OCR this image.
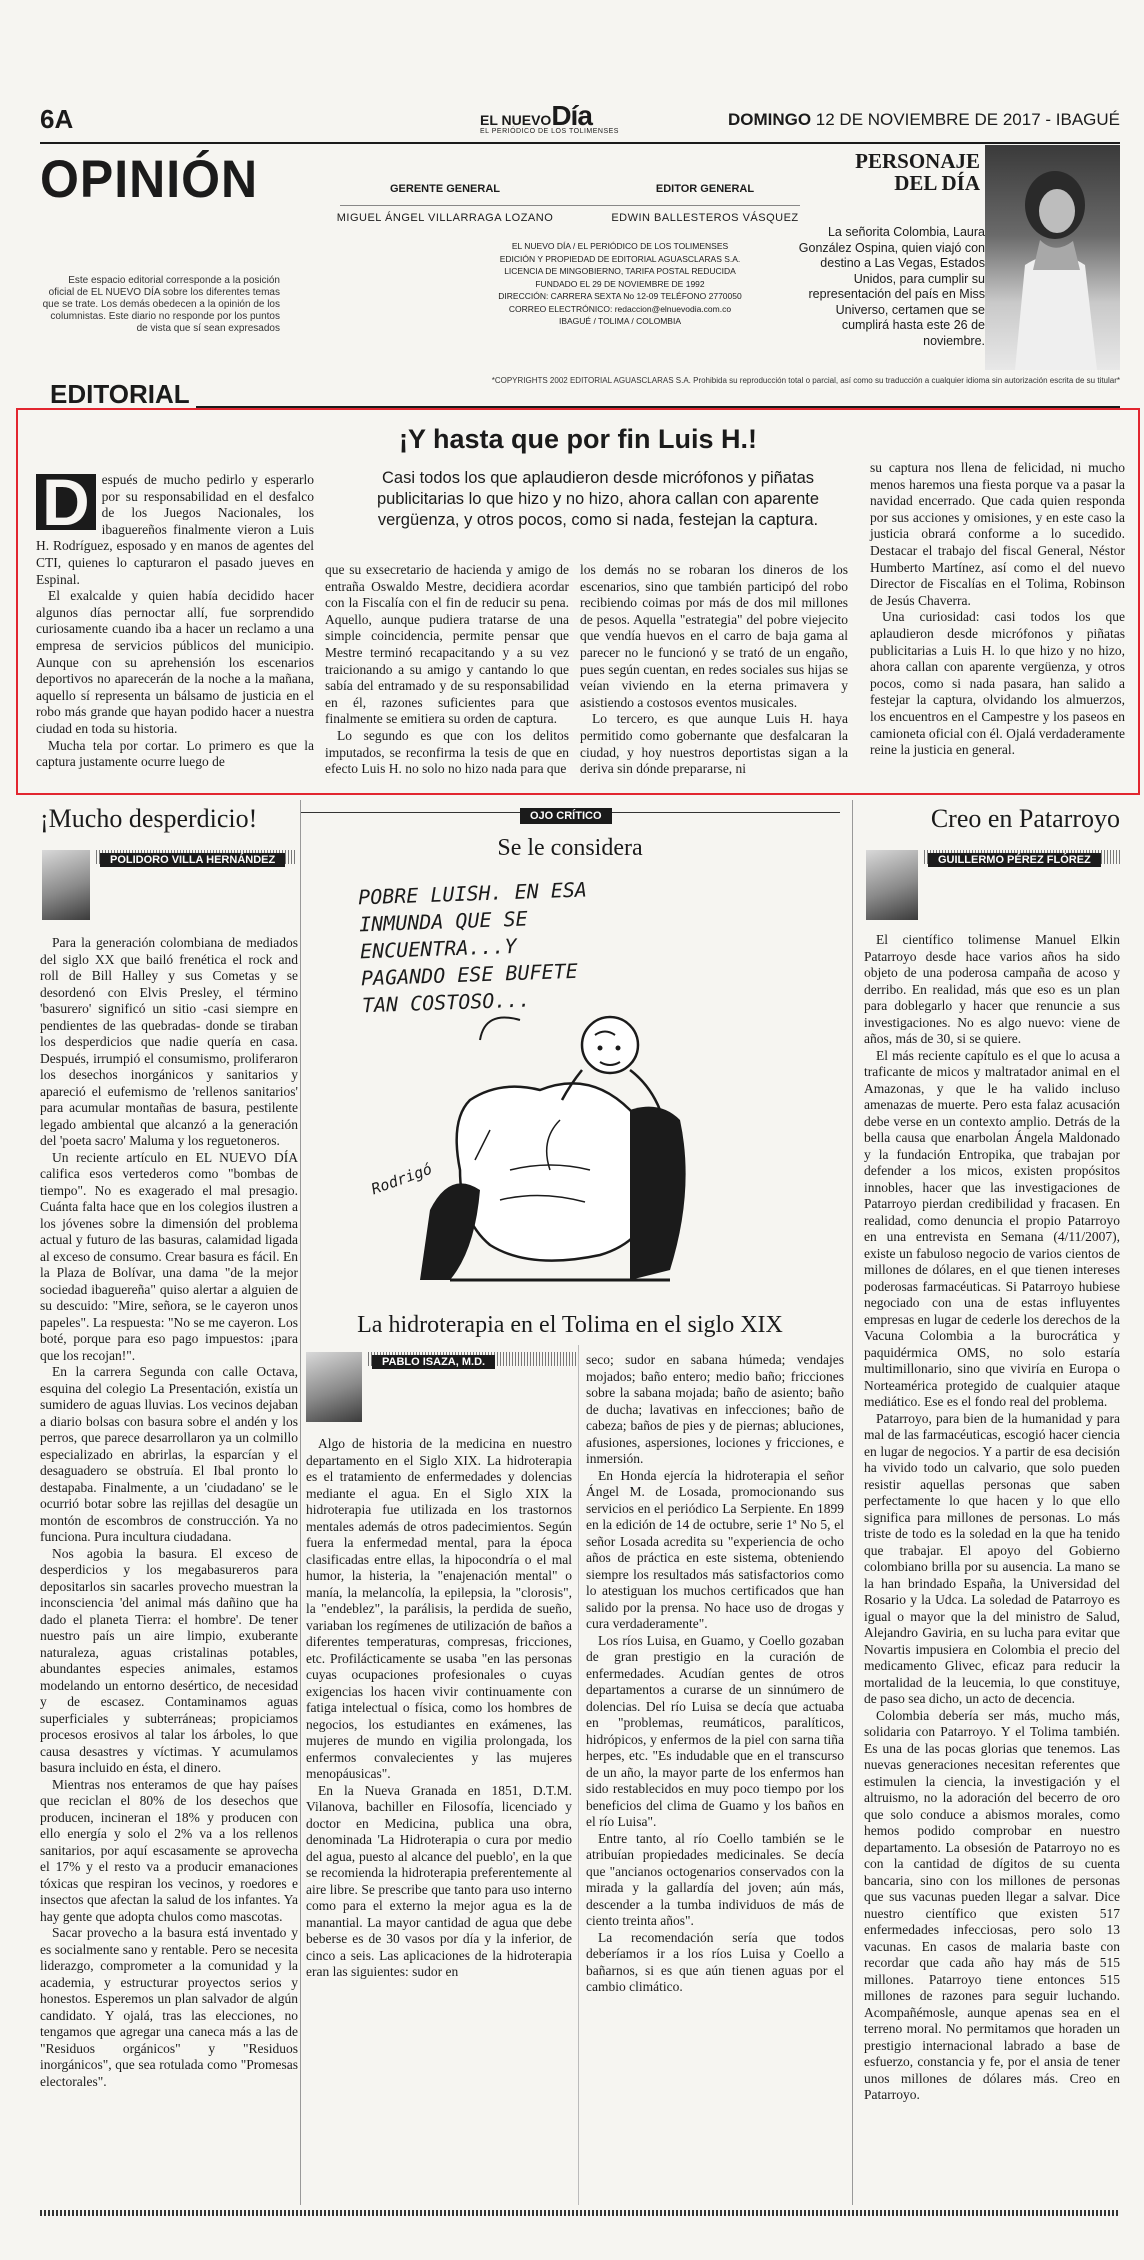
6A	EL NUEVODía
EL PERIÓDICO DE LOS TOLIMENSES
DOMINGO 12 DE NOVIEMBRE DE 2017 - IBAGUÉ
OPINIÓN	GERENTE GENERAL
MIGUEL ÁNGEL VILLARRAGA LOZANO
EDITOR GENERAL
EDWIN BALLESTEROS VÁSQUEZ
EL NUEVO DÍA / EL PERIÓDICO DE LOS TOLIMENSES
EDICIÓN Y PROPIEDAD DE EDITORIAL AGUASCLARAS S.A.
LICENCIA DE MINGOBIERNO, TARIFA POSTAL REDUCIDA
FUNDADO EL 29 DE NOVIEMBRE DE 1992
DIRECCIÓN: CARRERA SEXTA No 12-09 TELÉFONO 2770050
CORREO ELECTRÓNICO: redaccion@elnuevodia.com.co
IBAGUÉ / TOLIMA / COLOMBIA
Este espacio editorial corresponde a la posición oficial de EL NUEVO DÍA sobre los diferentes temas que se trate. Los demás obedecen a la opinión de los columnistas. Este diario no responde por los puntos de vista que sí sean expresados
PERSONAJE
DEL DÍA
La señorita Colombia, Laura González Ospina, quien viajó con destino a Las Vegas, Estados Unidos, para cumplir su representación del país en Miss Universo, certamen que se cumplirá hasta este 26 de noviembre.
*COPYRIGHTS 2002 EDITORIAL AGUASCLARAS S.A. Prohibida su reproducción total o parcial, así como su traducción a cualquier idioma sin autorización escrita de su titular*
EDITORIAL
¡Y hasta que por fin Luis H.!
Casi todos los que aplaudieron desde micrófonos y piñatas publicitarias lo que hizo y no hizo, ahora callan con aparente vergüenza, y otros pocos, como si nada, festejan la captura.
D espués de mucho pedirlo y esperarlo por su responsabilidad en el desfalco de los Juegos Nacionales, los ibaguereños finalmente vieron a Luis H. Rodríguez, esposado y en manos de agentes del CTI, quienes lo capturaron el pasado jueves en Espinal.

El exalcalde y quien había decidido hacer algunos días pernoctar allí, fue sorprendido curiosamente cuando iba a hacer un reclamo a una empresa de servicios públicos del municipio. Aunque con su aprehensión los escenarios deportivos no aparecerán de la noche a la mañana, aquello sí representa un bálsamo de justicia en el robo más grande que hayan podido hacer a nuestra ciudad en toda su historia.

Mucha tela por cortar. Lo primero es que la captura justamente ocurre luego de

que su exsecretario de hacienda y amigo de entraña Oswaldo Mestre, decidiera acordar con la Fiscalía con el fin de reducir su pena. Aquello, aunque pudiera tratarse de una simple coincidencia, permite pensar que Mestre terminó recapacitando y a su vez traicionando a su amigo y cantando lo que sabía del entramado y de su responsabilidad en él, razones suficientes para que finalmente se emitiera su orden de captura.

Lo segundo es que con los delitos imputados, se reconfirma la tesis de que en efecto Luis H. no solo no hizo nada para que

los demás no se robaran los dineros de los escenarios, sino que también participó del robo recibiendo coimas por más de dos mil millones de pesos. Aquella "estrategia" del pobre viejecito que vendía huevos en el carro de baja gama al parecer no le funcionó y se trató de un engaño, pues según cuentan, en redes sociales sus hijas se veían viviendo en la eterna primavera y asistiendo a costosos eventos musicales.

Lo tercero, es que aunque Luis H. haya permitido como gobernante que desfalcaran la ciudad, y hoy nuestros deportistas sigan a la deriva sin dónde prepararse, ni

su captura nos llena de felicidad, ni mucho menos haremos una fiesta porque va a pasar la navidad encerrado. Que cada quien responda por sus acciones y omisiones, y en este caso la justicia obrará conforme a lo sucedido. Destacar el trabajo del fiscal General, Néstor Humberto Martínez, así como el del nuevo Director de Fiscalías en el Tolima, Robinson de Jesús Chaverra.

Una curiosidad: casi todos los que aplaudieron desde micrófonos y piñatas publicitarias a Luis H. lo que hizo y no hizo, ahora callan con aparente vergüenza, y otros pocos, como si nada pasara, han salido a festejar la captura, olvidando los almuerzos, los encuentros en el Campestre y los paseos en camioneta oficial con él. Ojalá verdaderamente reine la justicia en general.

¡Mucho desperdicio!
POLIDORO VILLA HERNÁNDEZ

Para la generación colombiana de mediados del siglo XX que bailó frenética el rock and roll de Bill Halley y sus Cometas y se desordenó con Elvis Presley, el término 'basurero' significó un sitio -casi siempre en pendientes de las quebradas- donde se tiraban los desperdicios que nadie quería en casa. Después, irrumpió el consumismo, proliferaron los desechos inorgánicos y sanitarios y apareció el eufemismo de 'rellenos sanitarios' para acumular montañas de basura, pestilente legado ambiental que alcanzó a la generación del 'poeta sacro' Maluma y los reguetoneros.

Un reciente artículo en EL NUEVO DÍA califica esos vertederos como "bombas de tiempo". No es exagerado el mal presagio. Cuánta falta hace que en los colegios ilustren a los jóvenes sobre la dimensión del problema actual y futuro de las basuras, calamidad ligada al exceso de consumo. Crear basura es fácil. En la Plaza de Bolívar, una dama "de la mejor sociedad ibaguereña" quiso alertar a alguien de su descuido: "Mire, señora, se le cayeron unos papeles". La respuesta: "No se me cayeron. Los boté, porque para eso pago impuestos: ¡para que los recojan!".

En la carrera Segunda con calle Octava, esquina del colegio La Presentación, existía un sumidero de aguas lluvias. Los vecinos dejaban a diario bolsas con basura sobre el andén y los perros, que parece desarrollaron ya un colmillo especializado en abrirlas, la esparcían y el desaguadero se obstruía. El Ibal pronto lo destapaba. Finalmente, a un 'ciudadano' se le ocurrió botar sobre las rejillas del desagüe un montón de escombros de construcción. Ya no funciona. Pura incultura ciudadana.

Nos agobia la basura. El exceso de desperdicios y los megabasureros para depositarlos sin sacarles provecho muestran la inconsciencia 'del animal más dañino que ha dado el planeta Tierra: el hombre'. De tener nuestro país un aire limpio, exuberante naturaleza, aguas cristalinas potables, abundantes especies animales, estamos modelando un entorno desértico, de necesidad y de escasez. Contaminamos aguas superficiales y subterráneas; propiciamos procesos erosivos al talar los árboles, lo que causa desastres y víctimas. Y acumulamos basura incluido en ésta, el dinero.

Mientras nos enteramos de que hay países que reciclan el 80% de los desechos que producen, incineran el 18% y producen con ello energía y solo el 2% va a los rellenos sanitarios, por aquí escasamente se aprovecha el 17% y el resto va a producir emanaciones tóxicas que respiran los vecinos, y roedores e insectos que afectan la salud de los infantes. Ya hay gente que adopta chulos como mascotas.

Sacar provecho a la basura está inventado y es socialmente sano y rentable. Pero se necesita liderazgo, comprometer a la comunidad y la academia, y estructurar proyectos serios y honestos. Esperemos un plan salvador de algún candidato. Y ojalá, tras las elecciones, no tengamos que agregar una caneca más a las de "Residuos orgánicos" y "Residuos inorgánicos", que sea rotulada como "Promesas electorales".

OJO CRÍTICO
Se le considera
POBRE LUISH. EN ESA INMUNDA QUE SE ENCUENTRA...Y PAGANDO ESE BUFETE TAN COSTOSO...
Rodrigó
La hidroterapia en el Tolima en el siglo XIX
PABLO ISAZA, M.D.

Algo de historia de la medicina en nuestro departamento en el Siglo XIX. La hidroterapia es el tratamiento de enfermedades y dolencias mediante el agua. En el Siglo XIX la hidroterapia fue utilizada en los trastornos mentales además de otros padecimientos. Según fuera la enfermedad mental, para la época clasificadas entre ellas, la hipocondría o el mal humor, la histeria, la "enajenación mental" o manía, la melancolía, la epilepsia, la "clorosis", la "endeblez", la parálisis, la perdida de sueño, variaban los regímenes de utilización de baños a diferentes temperaturas, compresas, fricciones, etc. Profilácticamente se usaba "en las personas cuyas ocupaciones profesionales o cuyas exigencias los hacen vivir continuamente con fatiga intelectual o física, como los hombres de negocios, los estudiantes en exámenes, las mujeres de mundo en vigilia prolongada, los enfermos convalecientes y las mujeres menopáusicas".

En la Nueva Granada en 1851, D.T.M. Vilanova, bachiller en Filosofía, licenciado y doctor en Medicina, publica una obra, denominada 'La Hidroterapia o cura por medio del agua, puesto al alcance del pueblo', en la que se recomienda la hidroterapia preferentemente al aire libre. Se prescribe que tanto para uso interno como para el externo la mejor agua es la de manantial. La mayor cantidad de agua que debe beberse es de 30 vasos por día y la inferior, de cinco a seis. Las aplicaciones de la hidroterapia eran las siguientes: sudor en

seco; sudor en sabana húmeda; vendajes mojados; baño entero; medio baño; fricciones sobre la sabana mojada; baño de asiento; baño de ducha; lavativas en infecciones; baño de cabeza; baños de pies y de piernas; abluciones, afusiones, aspersiones, lociones y fricciones, e inmersión.

En Honda ejercía la hidroterapia el señor Ángel M. de Losada, promocionando sus servicios en el periódico La Serpiente. En 1899 en la edición de 14 de octubre, serie 1ª No 5, el señor Losada acredita su "experiencia de ocho años de práctica en este sistema, obteniendo siempre los resultados más satisfactorios como lo atestiguan los muchos certificados que han salido por la prensa. No hace uso de drogas y cura verdaderamente".

Los ríos Luisa, en Guamo, y Coello gozaban de gran prestigio en la curación de enfermedades. Acudían gentes de otros departamentos a curarse de un sinnúmero de dolencias. Del río Luisa se decía que actuaba en "problemas, reumáticos, paralíticos, hidrópicos, y enfermos de la piel con sarna tiña herpes, etc. "Es indudable que en el transcurso de un año, la mayor parte de los enfermos han sido restablecidos en muy poco tiempo por los beneficios del clima de Guamo y los baños en el río Luisa".

Entre tanto, al río Coello también se le atribuían propiedades medicinales. Se decía que "ancianos octogenarios conservados con la mirada y la gallardía del joven; aún más, descender a la tumba individuos de más de ciento treinta años".

La recomendación sería que todos deberíamos ir a los ríos Luisa y Coello a bañarnos, si es que aún tienen aguas por el cambio climático.

Creo en Patarroyo
GUILLERMO PÉREZ FLÓREZ

El científico tolimense Manuel Elkin Patarroyo desde hace varios años ha sido objeto de una poderosa campaña de acoso y derribo. En realidad, más que eso es un plan para doblegarlo y hacer que renuncie a sus investigaciones. No es algo nuevo: viene de años, más de 30, si se quiere.

El más reciente capítulo es el que lo acusa a traficante de micos y maltratador animal en el Amazonas, y que le ha valido incluso amenazas de muerte. Pero esta falaz acusación debe verse en un contexto amplio. Detrás de la bella causa que enarbolan Ángela Maldonado y la fundación Entropika, que trabajan por defender a los micos, existen propósitos innobles, hacer que las investigaciones de Patarroyo pierdan credibilidad y fracasen. En realidad, como denuncia el propio Patarroyo en una entrevista en Semana (4/11/2007), existe un fabuloso negocio de varios cientos de millones de dólares, en el que tienen intereses poderosas farmacéuticas. Si Patarroyo hubiese negociado con una de estas influyentes empresas en lugar de cederle los derechos de la Vacuna Colombia a la burocrática y paquidérmica OMS, no solo estaría multimillonario, sino que viviría en Europa o Norteamérica protegido de cualquier ataque mediático. Ese es el fondo real del problema.

Patarroyo, para bien de la humanidad y para mal de las farmacéuticas, escogió hacer ciencia en lugar de negocios. Y a partir de esa decisión ha vivido todo un calvario, que solo pueden resistir aquellas personas que saben perfectamente lo que hacen y lo que ello significa para millones de personas. Lo más triste de todo es la soledad en la que ha tenido que trabajar. El apoyo del Gobierno colombiano brilla por su ausencia. La mano se la han brindado España, la Universidad del Rosario y la Udca. La soledad de Patarroyo es igual o mayor que la del ministro de Salud, Alejandro Gaviria, en su lucha para evitar que Novartis impusiera en Colombia el precio del medicamento Glivec, eficaz para reducir la mortalidad de la leucemia, lo que constituye, de paso sea dicho, un acto de decencia.

Colombia debería ser más, mucho más, solidaria con Patarroyo. Y el Tolima también. Es una de las pocas glorias que tenemos. Las nuevas generaciones necesitan referentes que estimulen la ciencia, la investigación y el altruismo, no la adoración del becerro de oro que solo conduce a abismos morales, como hemos podido comprobar en nuestro departamento. La obsesión de Patarroyo no es con la cantidad de dígitos de su cuenta bancaria, sino con los millones de personas que sus vacunas pueden llegar a salvar. Dice nuestro científico que existen 517 enfermedades infecciosas, pero solo 13 vacunas. En casos de malaria baste con recordar que cada año hay más de 515 millones. Patarroyo tiene entonces 515 millones de razones para seguir luchando. Acompañémosle, aunque apenas sea en el terreno moral. No permitamos que horaden un prestigio internacional labrado a base de esfuerzo, constancia y fe, por el ansia de tener unos millones de dólares más. Creo en Patarroyo.
